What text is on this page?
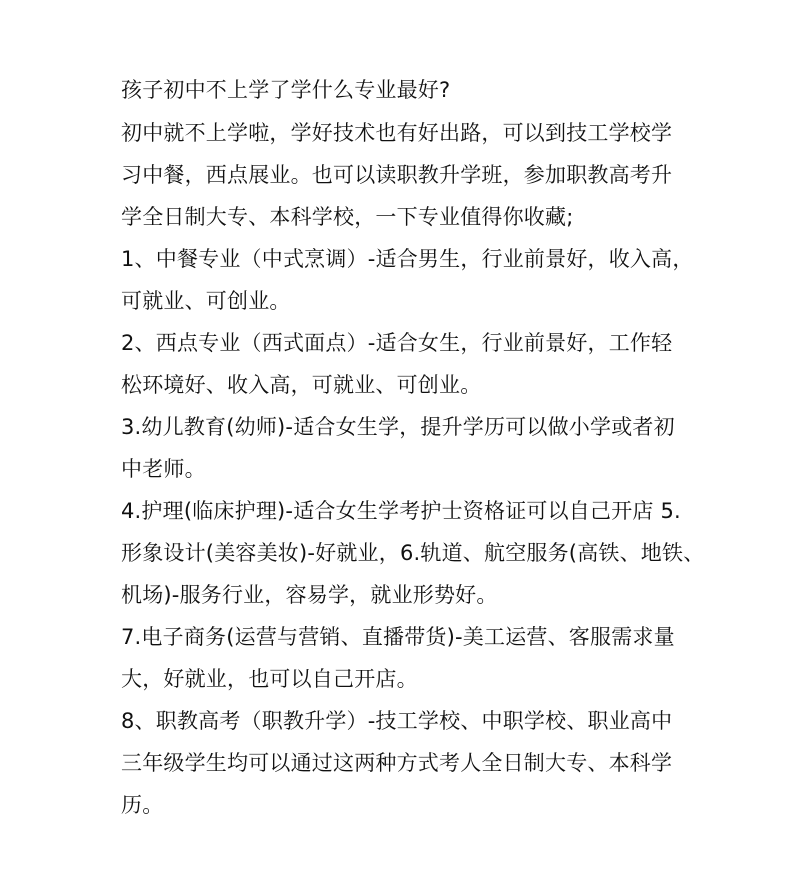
孩子初中不上学了学什么专业最好?

初中就不上学啦，学好技术也有好出路，可以到技工学校学

习中餐，西点展业。也可以读职教升学班，参加职教高考升

学全日制大专、本科学校，一下专业值得你收藏;

1、中餐专业（中式烹调）-适合男生，行业前景好，收入高，

可就业、可创业。

2、西点专业（西式面点）-适合女生，行业前景好，工作轻

松环境好、收入高，可就业、可创业。

3.幼儿教育(幼师)-适合女生学，提升学历可以做小学或者初

中老师。

4.护理(临床护理)-适合女生学考护士资格证可以自己开店 5.

形象设计(美容美妆)-好就业，6.轨道、航空服务(高铁、地铁、

机场)-服务行业，容易学，就业形势好。

7.电子商务(运营与营销、直播带货)-美工运营、客服需求量

大，好就业，也可以自己开店。

8、职教高考（职教升学）-技工学校、中职学校、职业高中

三年级学生均可以通过这两种方式考人全日制大专、本科学

历。
